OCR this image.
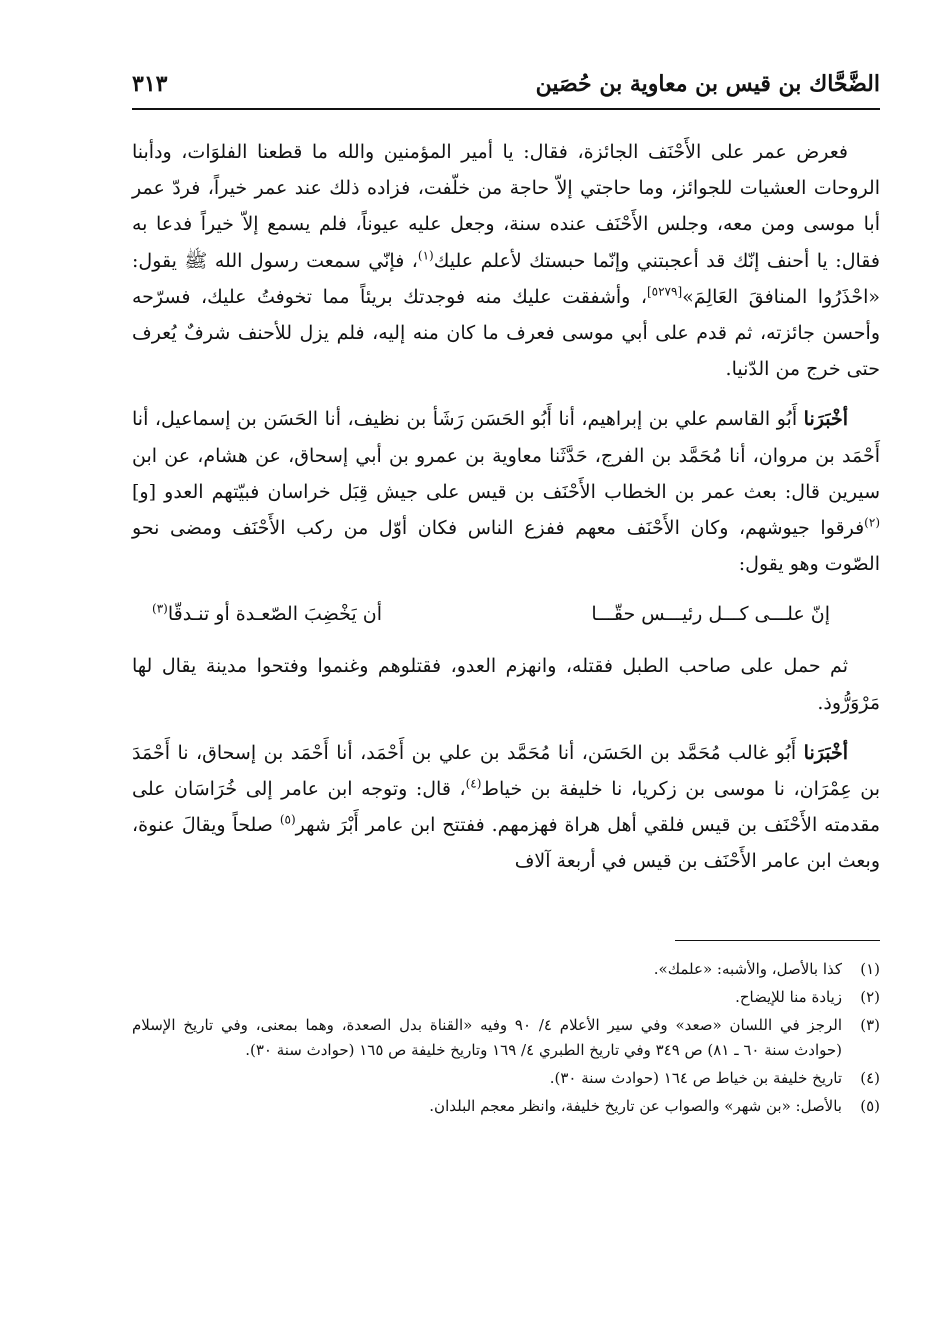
الضَّحَّاك بن قيس بن معاوية بن حُصَين
٣١٣

فعرض عمر على الأَحْنَف الجائزة، فقال: يا أمير المؤمنين والله ما قطعنا الفلوَات، ودأبنا الروحات العشيات للجوائز، وما حاجتي إلاّ حاجة من خلّفت، فزاده ذلك عند عمر خيراً، فردّ عمر أبا موسى ومن معه، وجلس الأَحْنَف عنده سنة، وجعل عليه عيوناً، فلم يسمع إلاّ خيراً فدعا به فقال: يا أحنف إنّك قد أعجبتني وإنّما حبستك لأعلم عليك$^{(١)}$، فإنّي سمعت رسول الله ﷺ يقول: «احْذَرُوا المنافقَ العَالِمَ»[٥٢٧٩]، وأشفقت عليك منه فوجدتك بريئاً مما تخوفتُ عليك، فسرّحه وأحسن جائزته، ثم قدم على أبي موسى فعرف ما كان منه إليه، فلم يزل للأحنف شرفٌ يُعرف حتى خرج من الدّنيا.

أخْبَرَنا أَبُو القاسم علي بن إبراهيم، أنا أَبُو الحَسَن رَشَأ بن نظيف، أنا الحَسَن بن إسماعيل، أنا أَحْمَد بن مروان، أنا مُحَمَّد بن الفرج، حَدَّثَنا معاوية بن عمرو بن أبي إسحاق، عن هشام، عن ابن سيرين قال: بعث عمر بن الخطاب الأَحْنَف بن قيس على جيش قِبَل خراسان فبيّتهم العدو [و]$^{(٢)}$فرقوا جيوشهم، وكان الأَحْنَف معهم ففزع الناس فكان أوّل من ركب الأَحْنَف ومضى نحو الصّوت وهو يقول:

إنّ علـــى كـــل رئيـــس حقّـــا
أن يَخْضِبَ الصّعـدة أو تنـدقّا$^{(٣)}$

ثم حمل على صاحب الطبل فقتله، وانهزم العدو، فقتلوهم وغنموا وفتحوا مدينة يقال لها مَرْوَرُّوذ.

أخْبَرَنا أَبُو غالب مُحَمَّد بن الحَسَن، أنا مُحَمَّد بن علي بن أَحْمَد، أنا أَحْمَد بن إسحاق، نا أَحْمَدَ بن عِمْرَان، نا موسى بن زكريا، نا خليفة بن خياط$^{(٤)}$، قال: وتوجه ابن عامر إلى خُرَاسَان على مقدمته الأَحْنَف بن قيس فلقي أهل هراة فهزمهم. ففتتح ابن عامر أَبْرَ شهر$^{(٥)}$ صلحاً ويقالَ عنوة، وبعث ابن عامر الأَحْنَف بن قيس في أربعة آلاف

(١)
كذا بالأصل، والأشبه: «علمك».
(٢)
زيادة منا للإيضاح.
(٣)
الرجز في اللسان «صعد» وفي سير الأعلام ٤/ ٩٠ وفيه «القناة بدل الصعدة، وهما بمعنى، وفي تاريخ الإسلام (حوادث سنة ٦٠ ـ ٨١) ص ٣٤٩ وفي تاريخ الطبري ٤/ ١٦٩ وتاريخ خليفة ص ١٦٥ (حوادث سنة ٣٠).
(٤)
تاريخ خليفة بن خياط ص ١٦٤ (حوادث سنة ٣٠).
(٥)
بالأصل: «بن شهر» والصواب عن تاريخ خليفة، وانظر معجم البلدان.
